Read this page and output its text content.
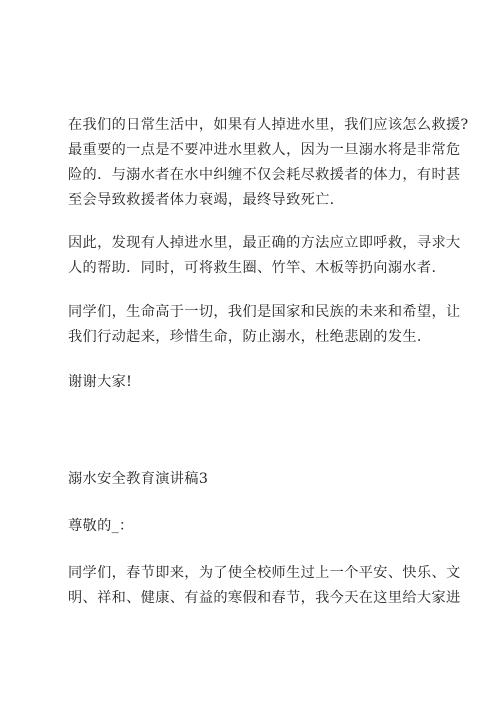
在我们的日常生活中，如果有人掉进水里，我们应该怎么救援?
最重要的一点是不要冲进水里救人，因为一旦溺水将是非常危
险的．与溺水者在水中纠缠不仅会耗尽救援者的体力，有时甚
至会导致救援者体力衰竭，最终导致死亡.

因此，发现有人掉进水里，最正确的方法应立即呼救，寻求大
人的帮助．同时，可将救生圈、竹竿、木板等扔向溺水者.

同学们，生命高于一切，我们是国家和民族的未来和希望，让
我们行动起来，珍惜生命，防止溺水，杜绝悲剧的发生.

谢谢大家!

溺水安全教育演讲稿3

尊敬的_：

同学们，春节即来，为了使全校师生过上一个平安、快乐、文
明、祥和、健康、有益的寒假和春节，我今天在这里给大家进
